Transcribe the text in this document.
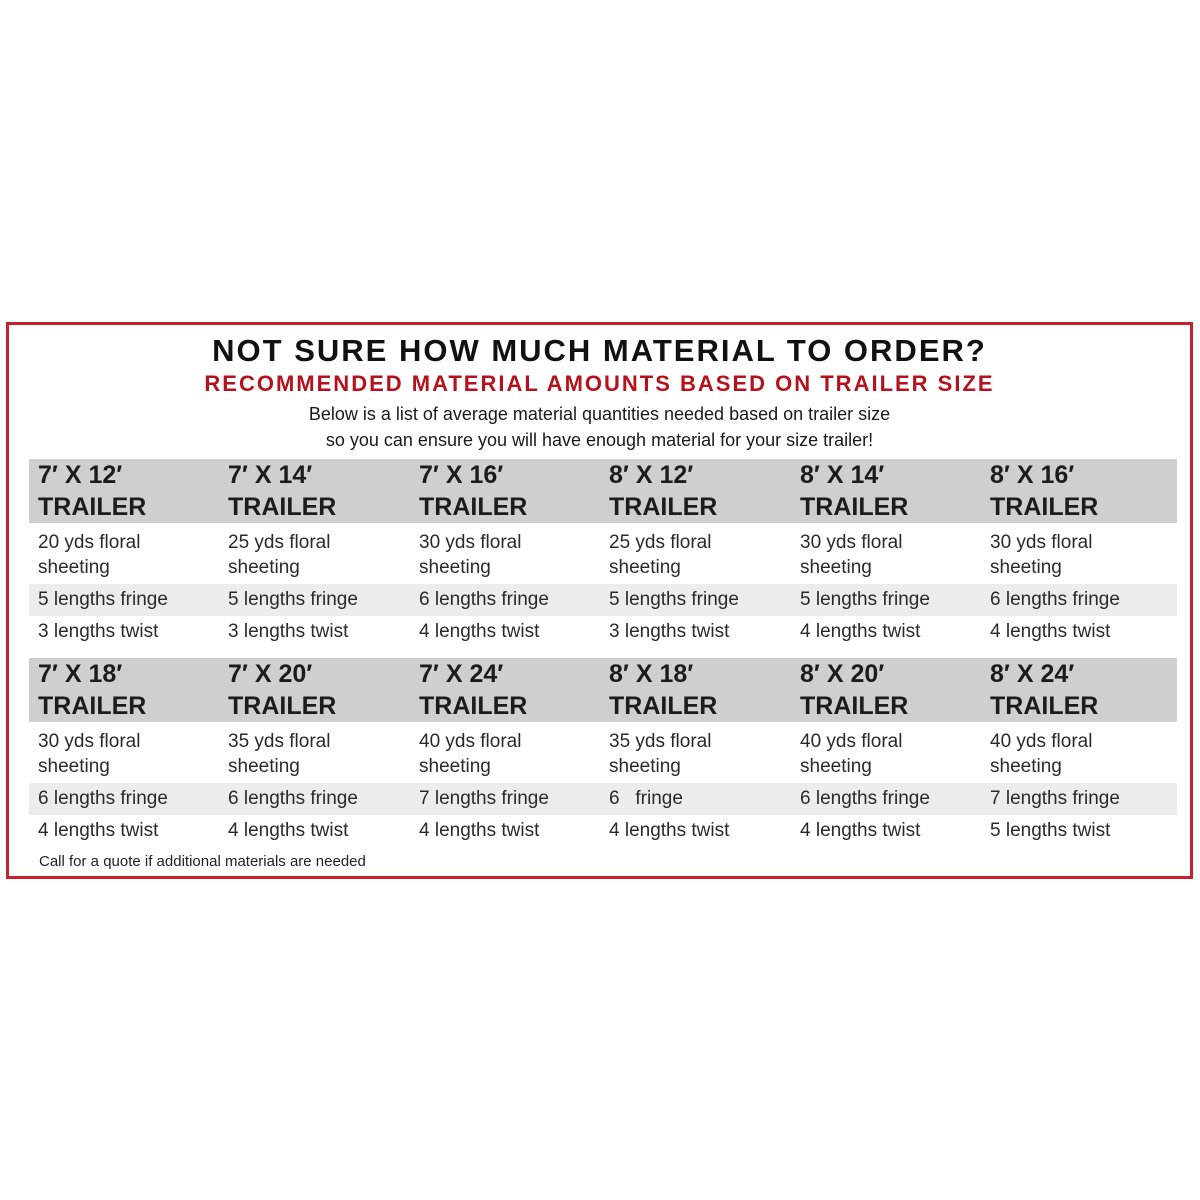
NOT SURE HOW MUCH MATERIAL TO ORDER?
RECOMMENDED MATERIAL AMOUNTS BASED ON TRAILER SIZE
Below is a list of average material quantities needed based on trailer size
so you can ensure you will have enough material for your size trailer!
7′ X 12′
TRAILER
20 yds floral sheeting
5 lengths fringe
3 lengths twist
7′ X 14′
TRAILER
25 yds floral sheeting
5 lengths fringe
3 lengths twist
7′ X 16′
TRAILER
30 yds floral sheeting
6 lengths fringe
4 lengths twist
8′ X 12′
TRAILER
25 yds floral sheeting
5 lengths fringe
3 lengths twist
8′ X 14′
TRAILER
30 yds floral sheeting
5 lengths fringe
4 lengths twist
8′ X 16′
TRAILER
30 yds floral sheeting
6 lengths fringe
4 lengths twist
7′ X 18′
TRAILER
30 yds floral sheeting
6 lengths fringe
4 lengths twist
7′ X 20′
TRAILER
35 yds floral sheeting
6 lengths fringe
4 lengths twist
7′ X 24′
TRAILER
40 yds floral sheeting
7 lengths fringe
4 lengths twist
8′ X 18′
TRAILER
35 yds floral sheeting
6   fringe
4 lengths twist
8′ X 20′
TRAILER
40 yds floral sheeting
6 lengths fringe
4 lengths twist
8′ X 24′
TRAILER
40 yds floral sheeting
7 lengths fringe
5 lengths twist
Call for a quote if additional materials are needed
